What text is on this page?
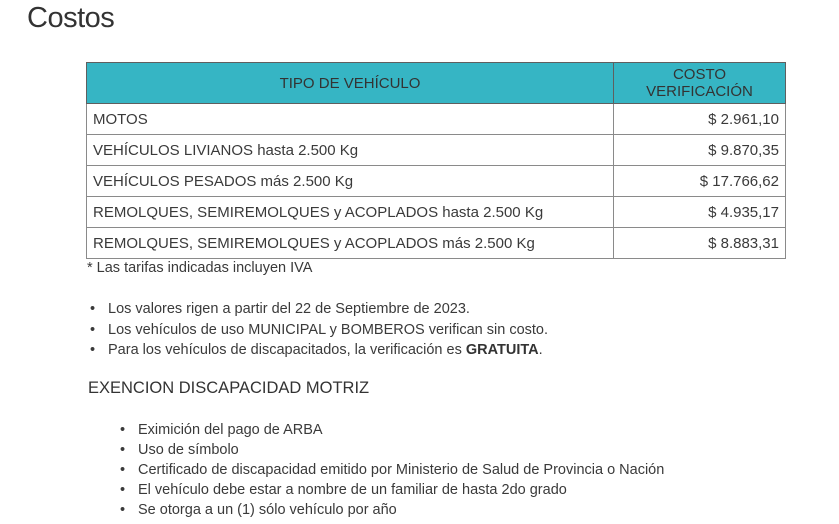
Costos
TIPO DE VEHÍCULO	COSTO VERIFICACIÓN
MOTOS	$ 2.961,10
VEHÍCULOS LIVIANOS hasta 2.500 Kg	$ 9.870,35
VEHÍCULOS PESADOS más 2.500 Kg	$ 17.766,62
REMOLQUES, SEMIREMOLQUES y ACOPLADOS hasta 2.500 Kg	$ 4.935,17
REMOLQUES, SEMIREMOLQUES y ACOPLADOS más 2.500 Kg	$ 8.883,31
* Las tarifas indicadas incluyen IVA
• Los valores rigen a partir del 22 de Septiembre de 2023.
• Los vehículos de uso MUNICIPAL y BOMBEROS verifican sin costo.
• Para los vehículos de discapacitados, la verificación es GRATUITA.
EXENCION DISCAPACIDAD MOTRIZ
• Eximición del pago de ARBA
• Uso de símbolo
• Certificado de discapacidad emitido por Ministerio de Salud de Provincia o Nación
• El vehículo debe estar a nombre de un familiar de hasta 2do grado
• Se otorga a un (1) sólo vehículo por año
